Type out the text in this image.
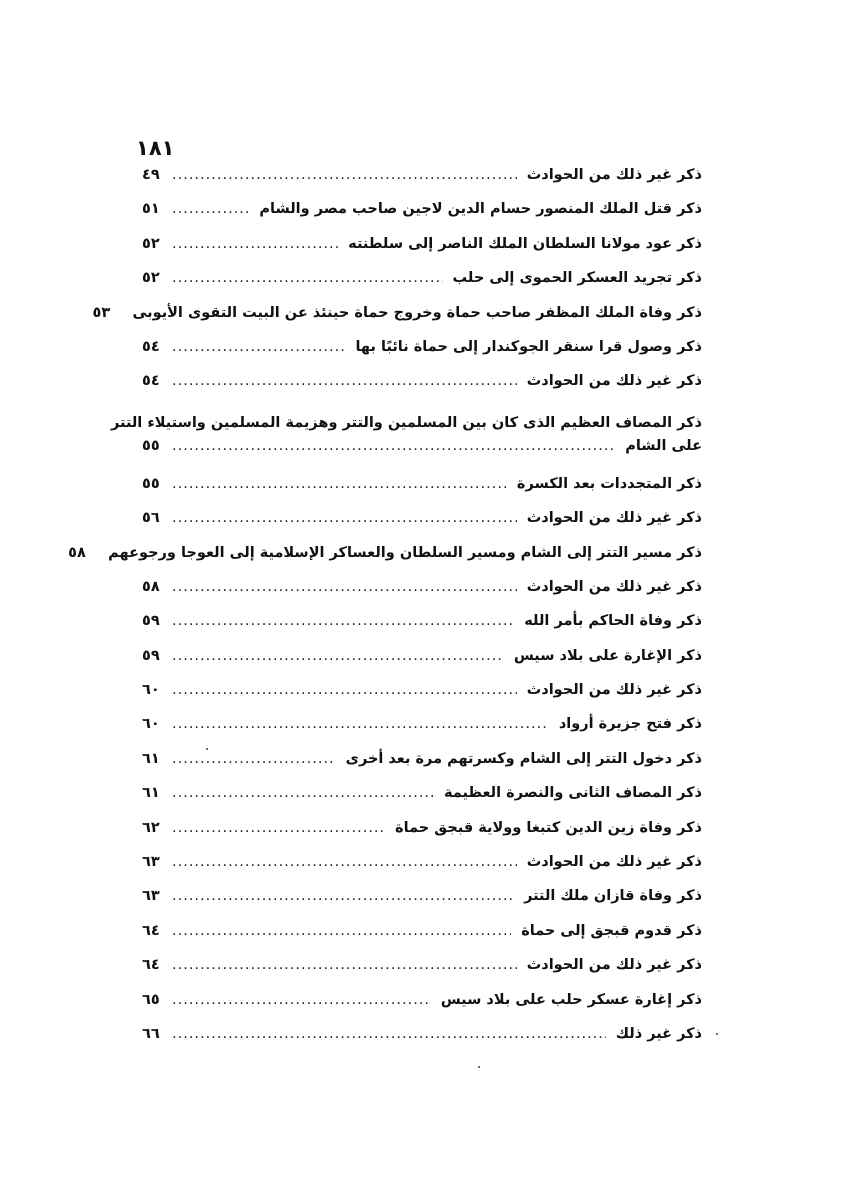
١٨١
ذكر غير ذلك من الحوادث
.....
٤٩
ذكر قتل الملك المنصور حسام الدين لاجين صاحب مصر والشام
.....
٥١
ذكر عود مولانا السلطان الملك الناصر إلى سلطنته
.....
٥٢
ذكر تجريد العسكر الحموى إلى حلب
.....
٥٢
ذكر وفاة الملك المظفر صاحب حماة وخروج حماة حينئذ عن البيت التقوى الأيوبى
٥٣
ذكر وصول قرا سنقر الجوكندار إلى حماة نائبًا بها
.....
٥٤
ذكر غير ذلك من الحوادث
.....
٥٤
ذكر المصاف العظيم الذى كان بين المسلمين والتتر وهزيمة المسلمين واستيلاء التتر
على الشام
.....
٥٥
ذكر المتجددات بعد الكسرة
.....
٥٥
ذكر غير ذلك من الحوادث
.....
٥٦
ذكر مسير التتر إلى الشام ومسير السلطان والعساكر الإسلامية إلى العوجا ورجوعهم
٥٨
ذكر غير ذلك من الحوادث
.....
٥٨
ذكر وفاة الحاكم بأمر الله
.....
٥٩
ذكر الإغارة على بلاد سيس
.....
٥٩
ذكر غير ذلك من الحوادث
.....
٦٠
ذكر فتح جزيرة أرواد
.....
٦٠
ذكر دخول التتر إلى الشام وكسرتهم مرة بعد أخرى
.....
٦١
ذكر المصاف الثانى والنصرة العظيمة
.....
٦١
ذكر وفاة زين الدين كتبغا وولاية قبجق حماة
.....
٦٢
ذكر غير ذلك من الحوادث
.....
٦٣
ذكر وفاة قازان ملك التتر
.....
٦٣
ذكر قدوم قبجق إلى حماة
.....
٦٤
ذكر غير ذلك من الحوادث
.....
٦٤
ذكر إغارة عسكر حلب على بلاد سيس
.....
٦٥
ذكر غير ذلك
.....
٦٦
